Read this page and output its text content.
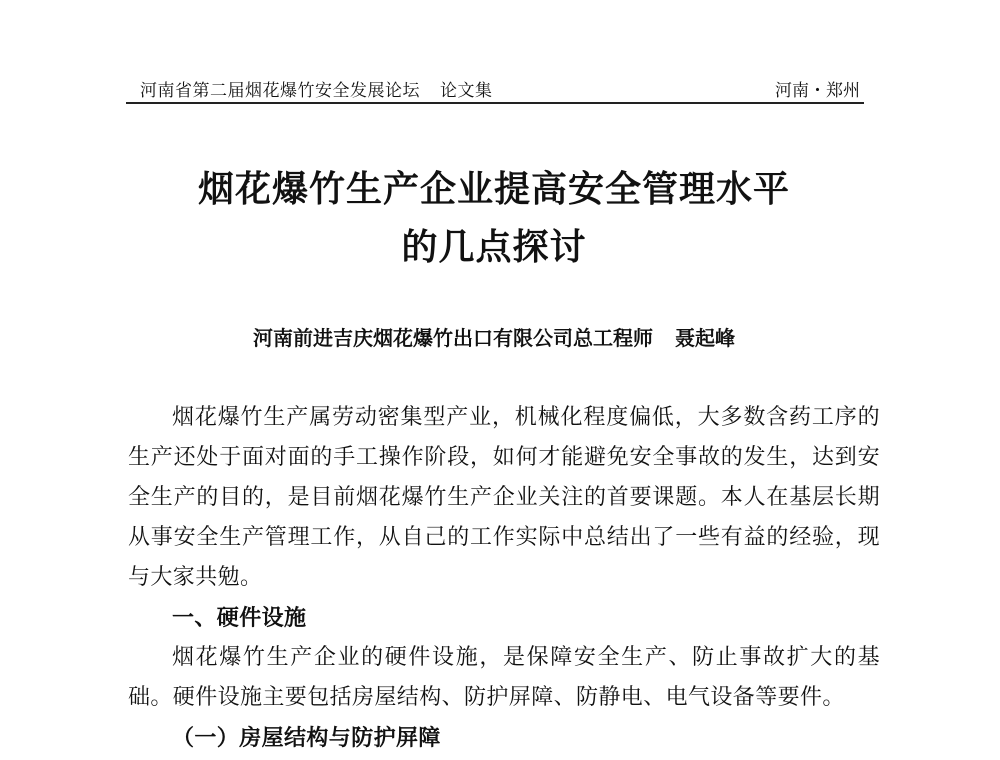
河南省第二届烟花爆竹安全发展论坛 论文集	河南・郑州
烟花爆竹生产企业提高安全管理水平
的几点探讨
河南前进吉庆烟花爆竹出口有限公司总工程师 聂起峰

烟花爆竹生产属劳动密集型产业，机械化程度偏低，大多数含药工序的生产还处于面对面的手工操作阶段，如何才能避免安全事故的发生，达到安全生产的目的，是目前烟花爆竹生产企业关注的首要课题。本人在基层长期从事安全生产管理工作，从自己的工作实际中总结出了一些有益的经验，现与大家共勉。

一、硬件设施

烟花爆竹生产企业的硬件设施，是保障安全生产、防止事故扩大的基础。硬件设施主要包括房屋结构、防护屏障、防静电、电气设备等要件。

（一）房屋结构与防护屏障
